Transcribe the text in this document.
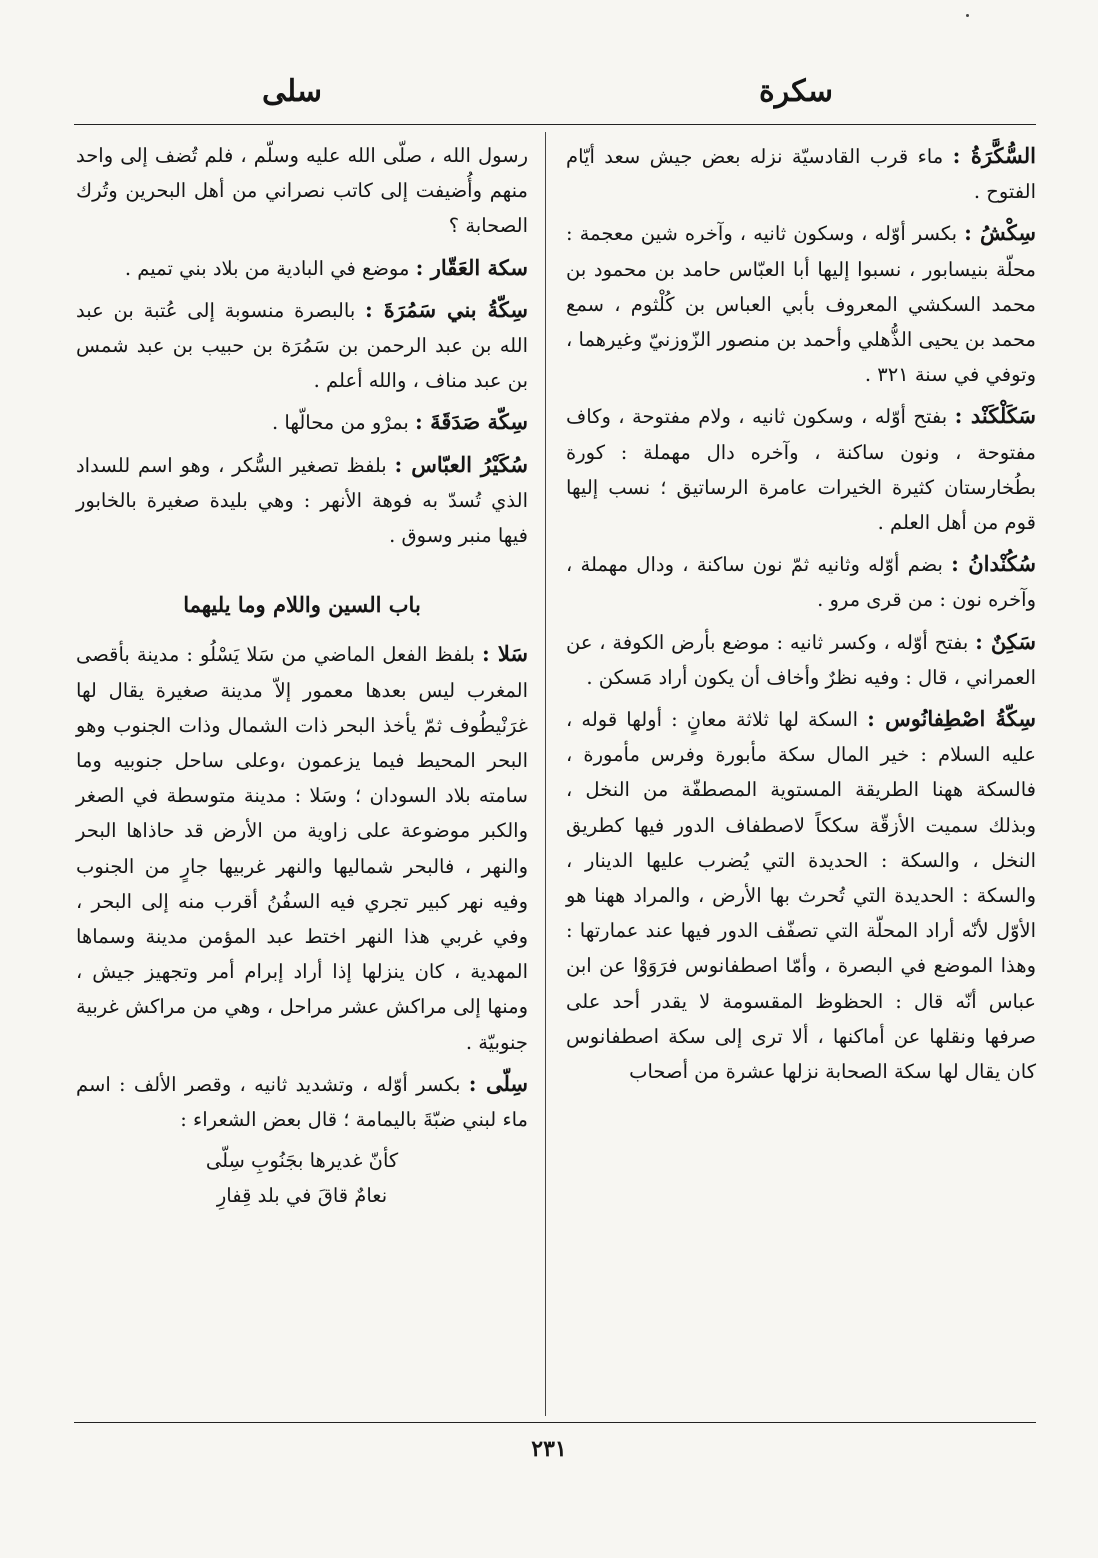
سكرة
سلى

السُّكَّرَةُ : ماء قرب القادسيّة نزله بعض جيش سعد أيّام الفتوح .

سِكْشُ : بكسر أوّله ، وسكون ثانيه ، وآخره شين معجمة : محلّة بنيسابور ، نسبوا إليها أبا العبّاس حامد بن محمود بن محمد السكشي المعروف بأبي العباس بن كُلْثوم ، سمع محمد بن يحيى الذُّهلي وأحمد بن منصور الزّوزنيّ وغيرهما ، وتوفي في سنة ٣٢١ .

سَكَلْكَنْد : بفتح أوّله ، وسكون ثانيه ، ولام مفتوحة ، وكاف مفتوحة ، ونون ساكنة ، وآخره دال مهملة : كورة بطُخارستان كثيرة الخيرات عامرة الرساتيق ؛ نسب إليها قوم من أهل العلم .

سُكُنْدانُ : بضم أوّله وثانيه ثمّ نون ساكنة ، ودال مهملة ، وآخره نون : من قرى مرو .

سَكِنٌ : بفتح أوّله ، وكسر ثانيه : موضع بأرض الكوفة ، عن العمراني ، قال : وفيه نظرٌ وأخاف أن يكون أراد مَسكن .

سِكّةُ اصْطِفانُوس : السكة لها ثلاثة معانٍ : أولها قوله ، عليه السلام : خير المال سكة مأبورة وفرس مأمورة ، فالسكة ههنا الطريقة المستوية المصطفّة من النخل ، وبذلك سميت الأزقّة سككاً لاصطفاف الدور فيها كطريق النخل ، والسكة : الحديدة التي يُضرب عليها الدينار ، والسكة : الحديدة التي تُحرث بها الأرض ، والمراد ههنا هو الأوّل لأنّه أراد المحلّة التي تصفّف الدور فيها عند عمارتها : وهذا الموضع في البصرة ، وأمّا اصطفانوس فرَوَوْا عن ابن عباس أنّه قال : الحظوظ المقسومة لا يقدر أحد على صرفها ونقلها عن أماكنها ، ألا ترى إلى سكة اصطفانوس كان يقال لها سكة الصحابة نزلها عشرة من أصحاب

رسول الله ، صلّى الله عليه وسلّم ، فلم تُضف إلى واحد منهم وأُضيفت إلى كاتب نصراني من أهل البحرين وتُرك الصحابة ؟

سكة العَقّار : موضع في البادية من بلاد بني تميم .

سِكّةُ بني سَمُرَةَ : بالبصرة منسوبة إلى عُتبة بن عبد الله بن عبد الرحمن بن سَمُرَة بن حبيب بن عبد شمس بن عبد مناف ، والله أعلم .

سِكّة صَدَقَةَ : بمرْو من محالّها .

سُكَيْرُ العبّاس : بلفظ تصغير السُّكر ، وهو اسم للسداد الذي تُسدّ به فوهة الأنهر : وهي بليدة صغيرة بالخابور فيها منبر وسوق .

باب السين واللام وما يليهما

سَلا : بلفظ الفعل الماضي من سَلا يَسْلُو : مدينة بأقصى المغرب ليس بعدها معمور إلاّ مدينة صغيرة يقال لها غرَنْيطُوف ثمّ يأخذ البحر ذات الشمال وذات الجنوب وهو البحر المحيط فيما يزعمون ،وعلى ساحل جنوبيه وما سامته بلاد السودان ؛ وسَلا : مدينة متوسطة في الصغر والكبر موضوعة على زاوية من الأرض قد حاذاها البحر والنهر ، فالبحر شماليها والنهر غربيها جارٍ من الجنوب وفيه نهر كبير تجري فيه السفُنُ أقرب منه إلى البحر ، وفي غربي هذا النهر اختط عبد المؤمن مدينة وسماها المهدية ، كان ينزلها إذا أراد إبرام أمر وتجهيز جيش ، ومنها إلى مراكش عشر مراحل ، وهي من مراكش غربية جنوبيّة .

سِلّى : بكسر أوّله ، وتشديد ثانيه ، وقصر الألف : اسم ماء لبني ضبّةَ باليمامة ؛ قال بعض الشعراء :

كأنّ غديرها بجَنُوبِ سِلّى

نعامٌ قاقَ في بلد قِفارِ

٢٣١
